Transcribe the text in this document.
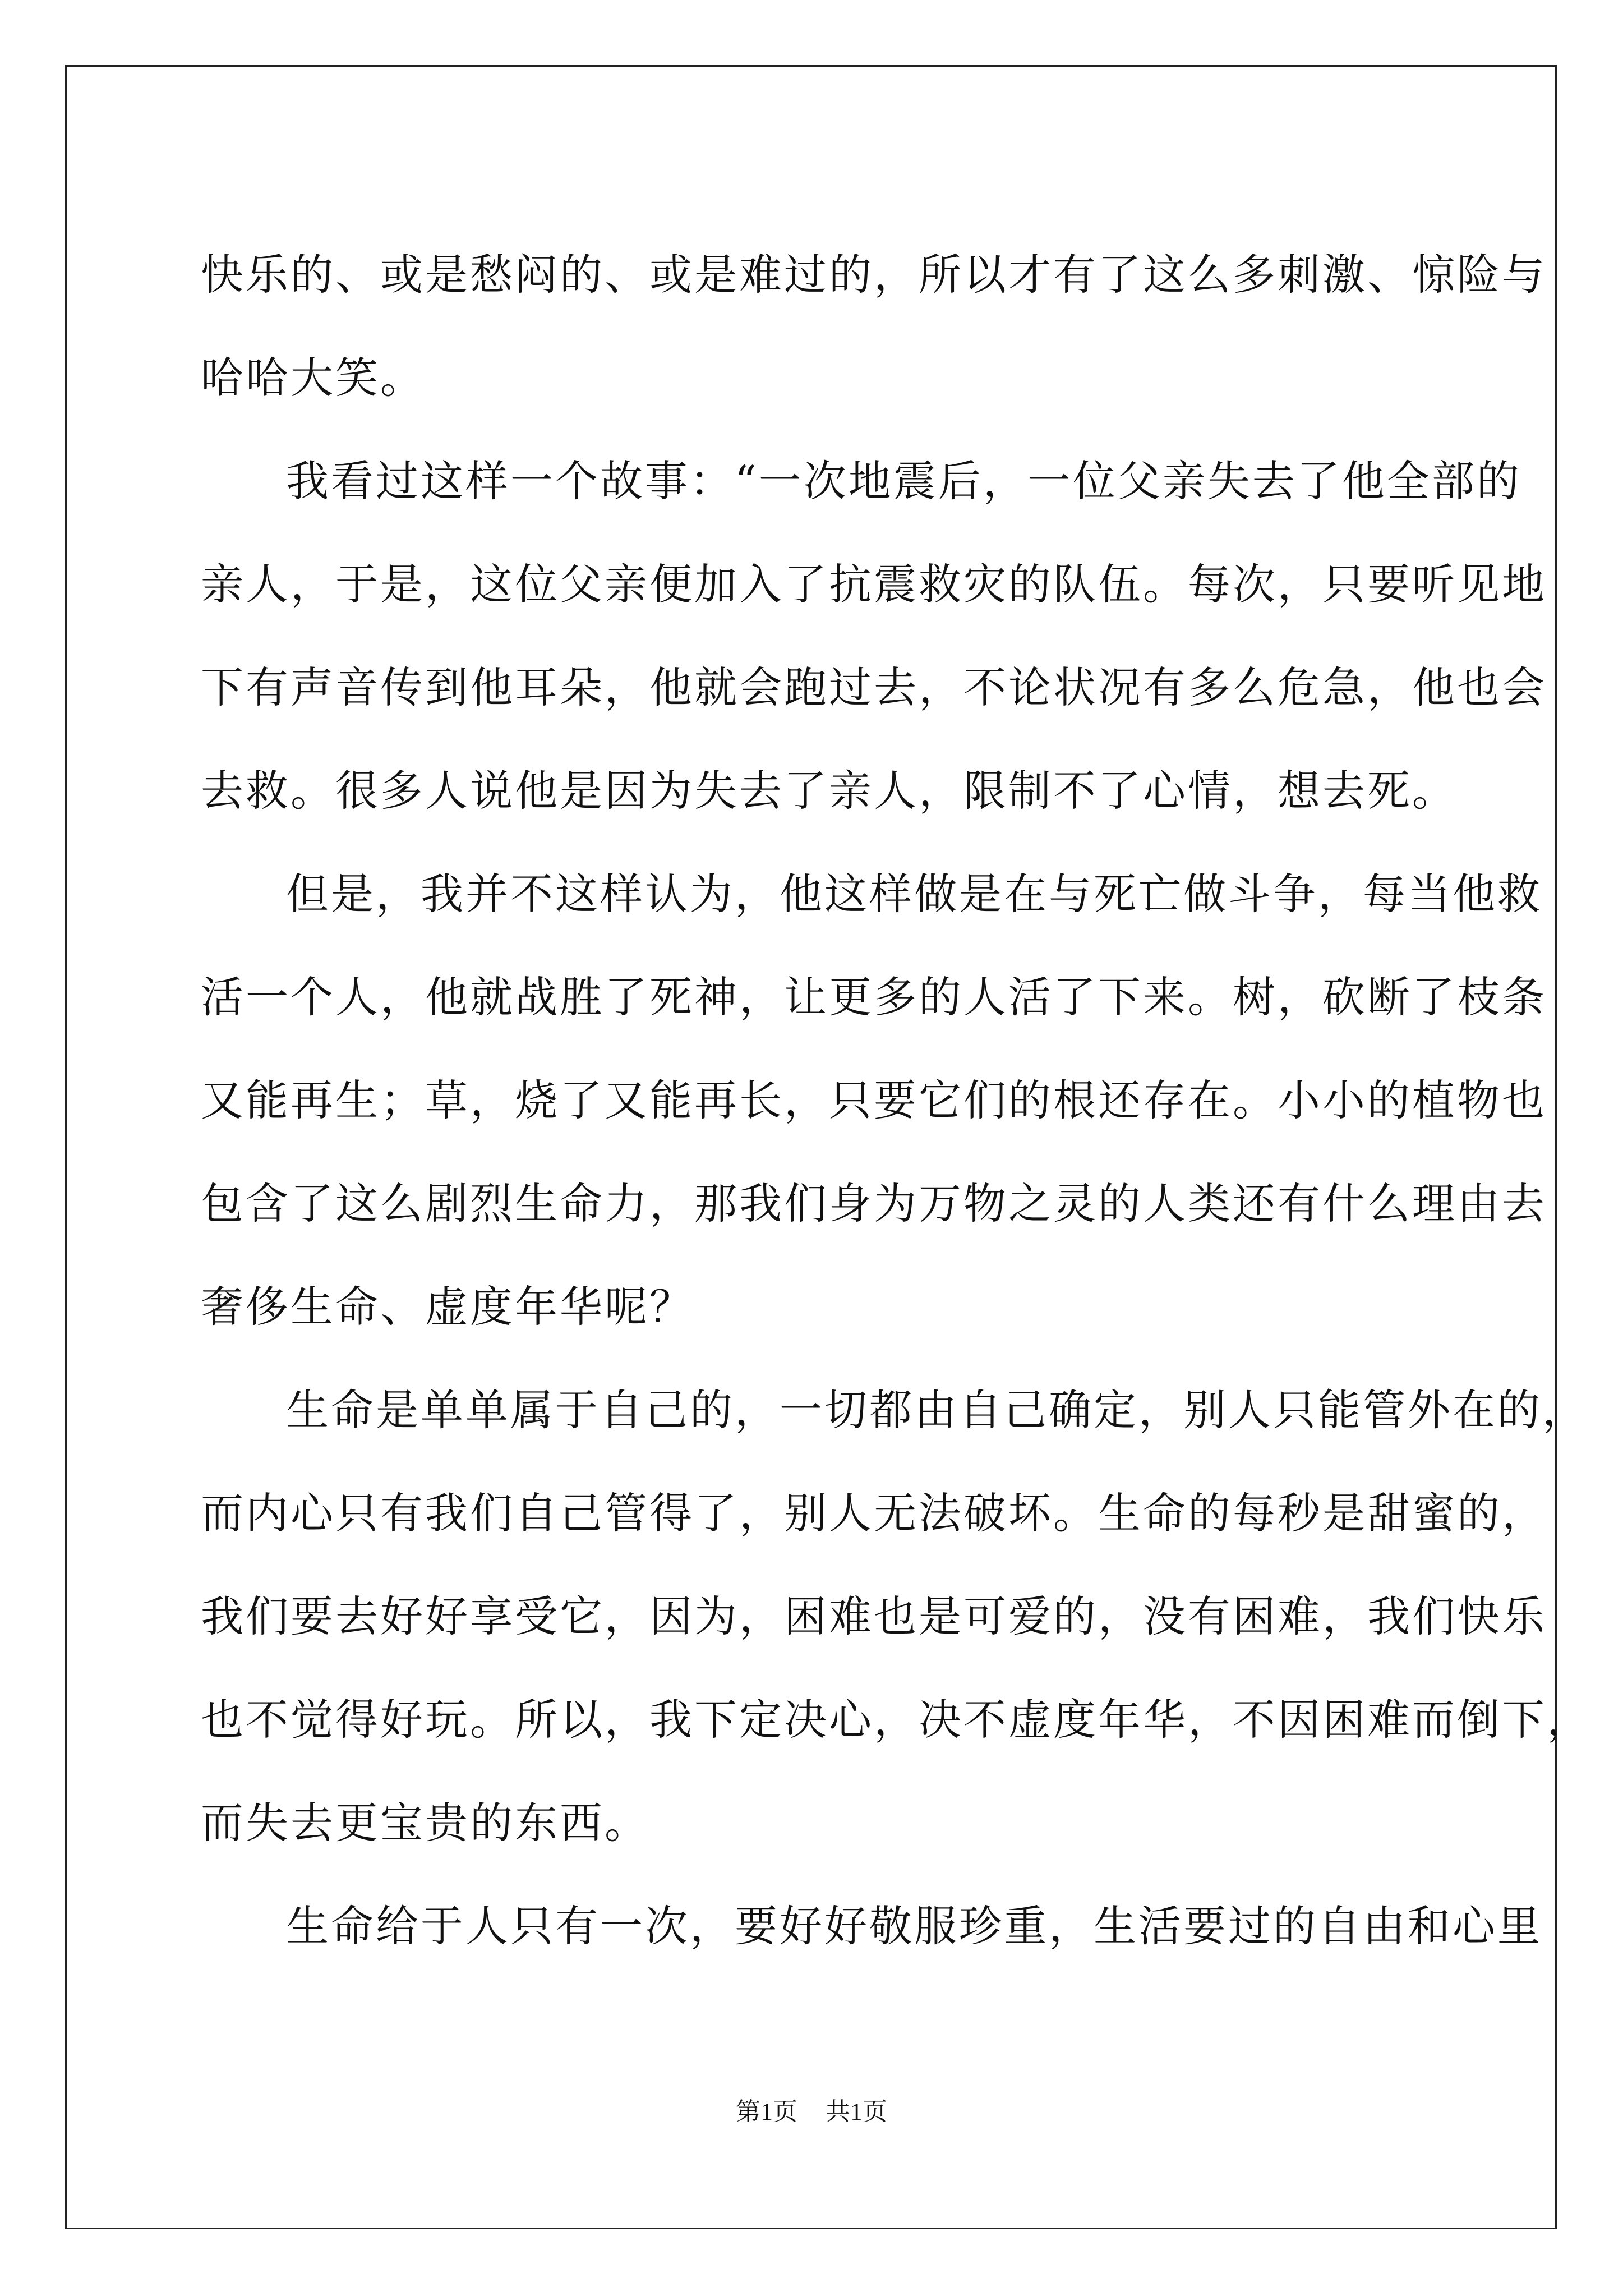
快乐的、或是愁闷的、或是难过的，所以才有了这么多刺激、惊险与
哈哈大笑。
我看过这样一个故事：“一次地震后，一位父亲失去了他全部的
亲人，于是，这位父亲便加入了抗震救灾的队伍。每次，只要听见地
下有声音传到他耳朵，他就会跑过去，不论状况有多么危急，他也会
去救。很多人说他是因为失去了亲人，限制不了心情，想去死。
但是，我并不这样认为，他这样做是在与死亡做斗争，每当他救
活一个人，他就战胜了死神，让更多的人活了下来。树，砍断了枝条
又能再生；草，烧了又能再长，只要它们的根还存在。小小的植物也
包含了这么剧烈生命力，那我们身为万物之灵的人类还有什么理由去
奢侈生命、虚度年华呢？
生命是单单属于自己的，一切都由自己确定，别人只能管外在的，
而内心只有我们自己管得了，别人无法破坏。生命的每秒是甜蜜的，
我们要去好好享受它，因为，困难也是可爱的，没有困难，我们快乐
也不觉得好玩。所以，我下定决心，决不虚度年华，不因困难而倒下，
而失去更宝贵的东西。
生命给于人只有一次，要好好敬服珍重，生活要过的自由和心里
第1页 共1页
